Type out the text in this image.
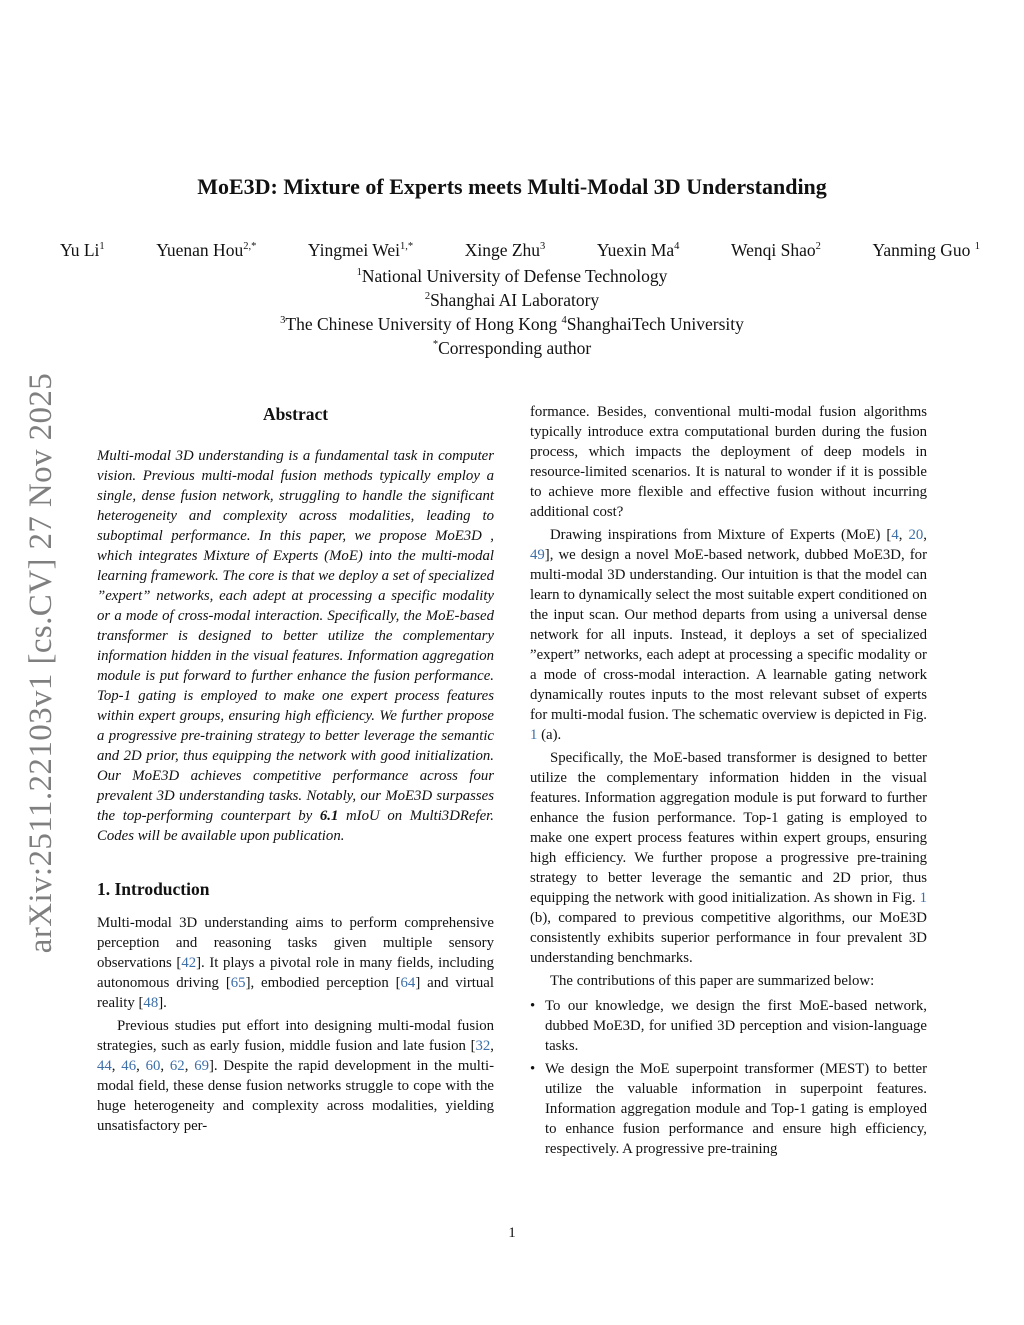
arXiv:2511.22103v1 [cs.CV] 27 Nov 2025
MoE3D: Mixture of Experts meets Multi-Modal 3D Understanding
Yu Li$^1$	Yuenan Hou$^{2,*}$	Yingmei Wei$^{1,*}$	Xinge Zhu$^3$	Yuexin Ma$^4$	Wenqi Shao$^2$	Yanming Guo $^1$
$^1$National University of Defense Technology
$^2$Shanghai AI Laboratory
$^3$The Chinese University of Hong Kong $^4$ShanghaiTech University
*Corresponding author
Abstract

Multi-modal 3D understanding is a fundamental task in computer vision. Previous multi-modal fusion methods typically employ a single, dense fusion network, struggling to handle the significant heterogeneity and complexity across modalities, leading to suboptimal performance. In this paper, we propose MoE3D , which integrates Mixture of Experts (MoE) into the multi-modal learning framework. The core is that we deploy a set of specialized ”expert” networks, each adept at processing a specific modality or a mode of cross-modal interaction. Specifically, the MoE-based transformer is designed to better utilize the complementary information hidden in the visual features. Information aggregation module is put forward to further enhance the fusion performance. Top-1 gating is employed to make one expert process features within expert groups, ensuring high efficiency. We further propose a progressive pre-training strategy to better leverage the semantic and 2D prior, thus equipping the network with good initialization. Our MoE3D achieves competitive performance across four prevalent 3D understanding tasks. Notably, our MoE3D surpasses the top-performing counterpart by 6.1 mIoU on Multi3DRefer. Codes will be available upon publication.

1. Introduction

Multi-modal 3D understanding aims to perform comprehensive perception and reasoning tasks given multiple sensory observations [42]. It plays a pivotal role in many fields, including autonomous driving [65], embodied perception [64] and virtual reality [48].

Previous studies put effort into designing multi-modal fusion strategies, such as early fusion, middle fusion and late fusion [32, 44, 46, 60, 62, 69]. Despite the rapid development in the multi-modal field, these dense fusion networks struggle to cope with the huge heterogeneity and complexity across modalities, yielding unsatisfactory per-

formance. Besides, conventional multi-modal fusion algorithms typically introduce extra computational burden during the fusion process, which impacts the deployment of deep models in resource-limited scenarios. It is natural to wonder if it is possible to achieve more flexible and effective fusion without incurring additional cost?

Drawing inspirations from Mixture of Experts (MoE) [4, 20, 49], we design a novel MoE-based network, dubbed MoE3D, for multi-modal 3D understanding. Our intuition is that the model can learn to dynamically select the most suitable expert conditioned on the input scan. Our method departs from using a universal dense network for all inputs. Instead, it deploys a set of specialized ”expert” networks, each adept at processing a specific modality or a mode of cross-modal interaction. A learnable gating network dynamically routes inputs to the most relevant subset of experts for multi-modal fusion. The schematic overview is depicted in Fig. 1 (a).

Specifically, the MoE-based transformer is designed to better utilize the complementary information hidden in the visual features. Information aggregation module is put forward to further enhance the fusion performance. Top-1 gating is employed to make one expert process features within expert groups, ensuring high efficiency. We further propose a progressive pre-training strategy to better leverage the semantic and 2D prior, thus equipping the network with good initialization. As shown in Fig. 1 (b), compared to previous competitive algorithms, our MoE3D consistently exhibits superior performance in four prevalent 3D understanding benchmarks.

The contributions of this paper are summarized below:

• To our knowledge, we design the first MoE-based network, dubbed MoE3D, for unified 3D perception and vision-language tasks.
• We design the MoE superpoint transformer (MEST) to better utilize the valuable information in superpoint features. Information aggregation module and Top-1 gating is employed to enhance fusion performance and ensure high efficiency, respectively. A progressive pre-training
1
